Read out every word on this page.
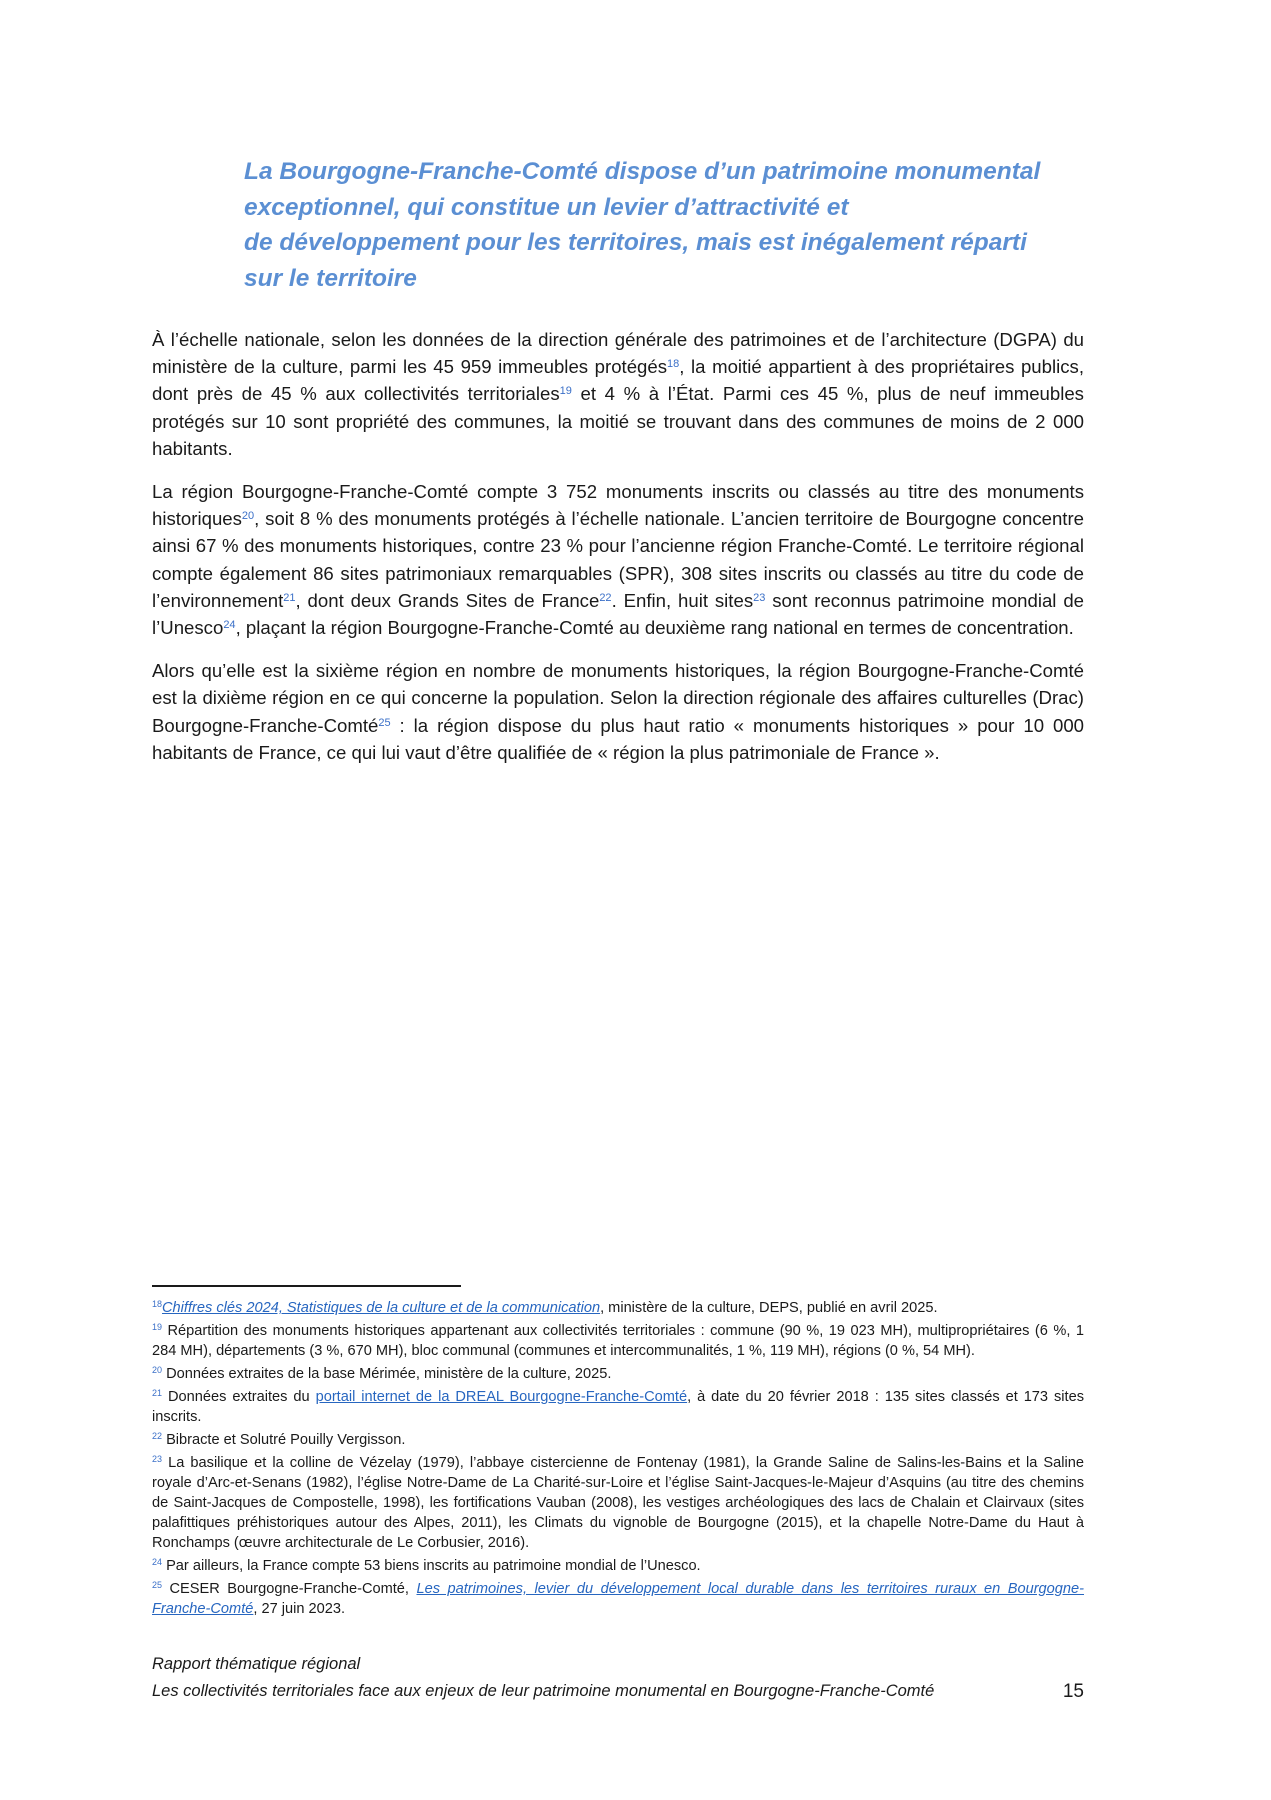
La Bourgogne-Franche-Comté dispose d’un patrimoine monumental
exceptionnel, qui constitue un levier d’attractivité et
de développement pour les territoires, mais est inégalement réparti
sur le territoire

À l’échelle nationale, selon les données de la direction générale des patrimoines et de l’architecture (DGPA) du ministère de la culture, parmi les 45 959 immeubles protégés$^{18}$, la moitié appartient à des propriétaires publics, dont près de 45 % aux collectivités territoriales$^{19}$ et 4 % à l’État. Parmi ces 45 %, plus de neuf immeubles protégés sur 10 sont propriété des communes, la moitié se trouvant dans des communes de moins de 2 000 habitants.

La région Bourgogne-Franche-Comté compte 3 752 monuments inscrits ou classés au titre des monuments historiques$^{20}$, soit 8 % des monuments protégés à l’échelle nationale. L’ancien territoire de Bourgogne concentre ainsi 67 % des monuments historiques, contre 23 % pour l’ancienne région Franche-Comté. Le territoire régional compte également 86 sites patrimoniaux remarquables (SPR), 308 sites inscrits ou classés au titre du code de l’environnement$^{21}$, dont deux Grands Sites de France$^{22}$. Enfin, huit sites$^{23}$ sont reconnus patrimoine mondial de l’Unesco$^{24}$, plaçant la région Bourgogne-Franche-Comté au deuxième rang national en termes de concentration.

Alors qu’elle est la sixième région en nombre de monuments historiques, la région Bourgogne-Franche-Comté est la dixième région en ce qui concerne la population. Selon la direction régionale des affaires culturelles (Drac) Bourgogne-Franche-Comté$^{25}$ : la région dispose du plus haut ratio « monuments historiques » pour 10 000 habitants de France, ce qui lui vaut d’être qualifiée de « région la plus patrimoniale de France ».

$^{18}$Chiffres clés 2024, Statistiques de la culture et de la communication, ministère de la culture, DEPS, publié en avril 2025.
$^{19}$ Répartition des monuments historiques appartenant aux collectivités territoriales : commune (90 %, 19 023 MH), multipropriétaires (6 %, 1 284 MH), départements (3 %, 670 MH), bloc communal (communes et intercommunalités, 1 %, 119 MH), régions (0 %, 54 MH).
$^{20}$ Données extraites de la base Mérimée, ministère de la culture, 2025.
$^{21}$ Données extraites du portail internet de la DREAL Bourgogne-Franche-Comté, à date du 20 février 2018 : 135 sites classés et 173 sites inscrits.
$^{22}$ Bibracte et Solutré Pouilly Vergisson.
$^{23}$ La basilique et la colline de Vézelay (1979), l’abbaye cistercienne de Fontenay (1981), la Grande Saline de Salins-les-Bains et la Saline royale d’Arc-et-Senans (1982), l’église Notre-Dame de La Charité-sur-Loire et l’église Saint-Jacques-le-Majeur d’Asquins (au titre des chemins de Saint-Jacques de Compostelle, 1998), les fortifications Vauban (2008), les vestiges archéologiques des lacs de Chalain et Clairvaux (sites palafittiques préhistoriques autour des Alpes, 2011), les Climats du vignoble de Bourgogne (2015), et la chapelle Notre-Dame du Haut à Ronchamps (œuvre architecturale de Le Corbusier, 2016).
$^{24}$ Par ailleurs, la France compte 53 biens inscrits au patrimoine mondial de l’Unesco.
$^{25}$ CESER Bourgogne-Franche-Comté, Les patrimoines, levier du développement local durable dans les territoires ruraux en Bourgogne-Franche-Comté, 27 juin 2023.
Rapport thématique régional
Les collectivités territoriales face aux enjeux de leur patrimoine monumental en Bourgogne-Franche-Comté	15
